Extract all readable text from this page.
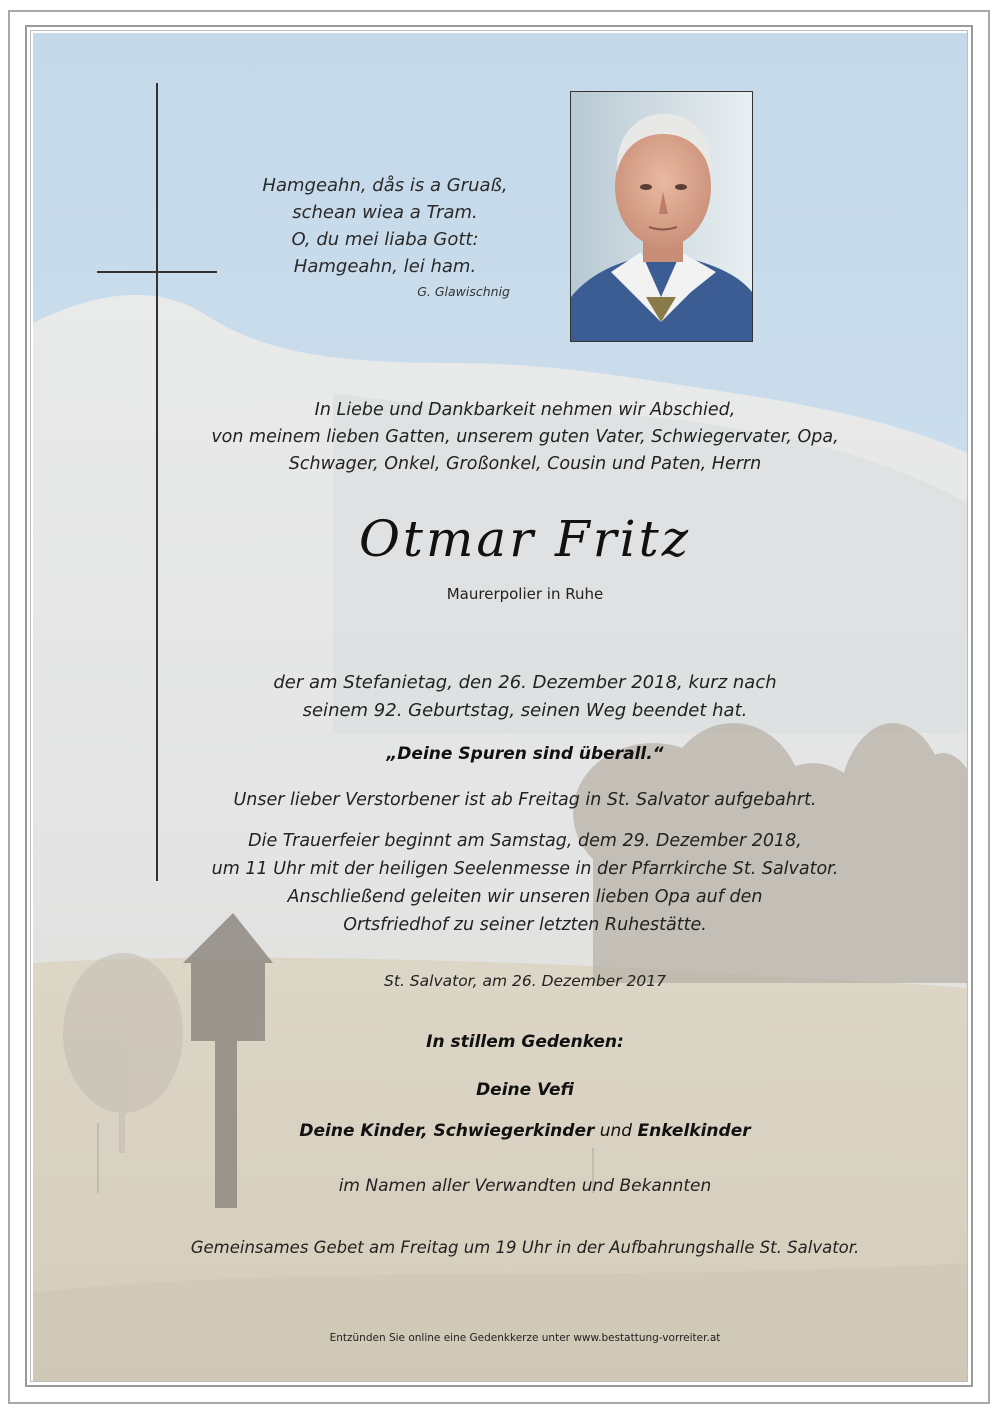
Hamgeahn, dås is a Gruaß,
schean wiea a Tram.
O, du mei liaba Gott:
Hamgeahn, lei ham.
G. Glawischnig
In Liebe und Dankbarkeit nehmen wir Abschied,
von meinem lieben Gatten, unserem guten Vater, Schwiegervater, Opa,
Schwager, Onkel, Großonkel, Cousin und Paten, Herrn
Otmar Fritz
Maurerpolier in Ruhe
der am Stefanietag, den 26. Dezember 2018, kurz nach
seinem 92. Geburtstag, seinen Weg beendet hat.
„Deine Spuren sind überall.“
Unser lieber Verstorbener ist ab Freitag in St. Salvator aufgebahrt.
Die Trauerfeier beginnt am Samstag, dem 29. Dezember 2018,
um 11 Uhr mit der heiligen Seelenmesse in der Pfarrkirche St. Salvator.
Anschließend geleiten wir unseren lieben Opa auf den
Ortsfriedhof zu seiner letzten Ruhestätte.
St. Salvator, am 26. Dezember 2017
In stillem Gedenken:
Deine Vefi
Deine Kinder, Schwiegerkinder und Enkelkinder
im Namen aller Verwandten und Bekannten
Gemeinsames Gebet am Freitag um 19 Uhr in der Aufbahrungshalle St. Salvator.
Entzünden Sie online eine Gedenkkerze unter www.bestattung-vorreiter.at
